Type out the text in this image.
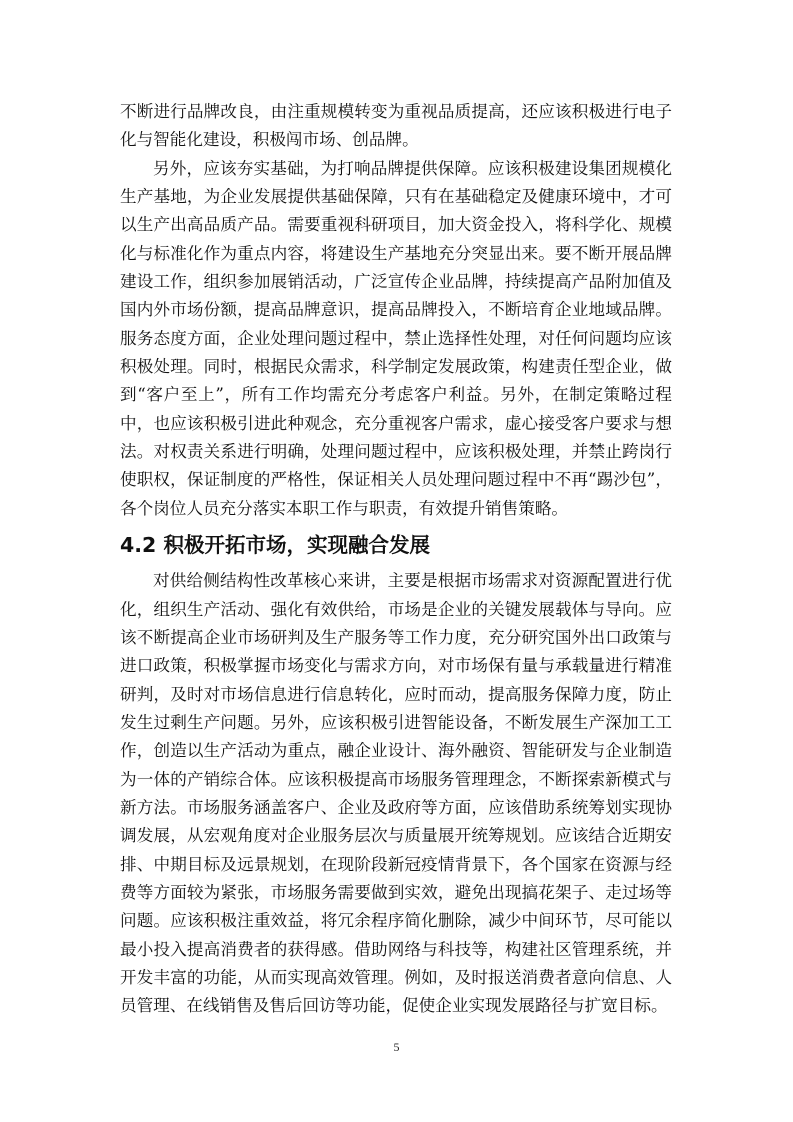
不断进行品牌改良，由注重规模转变为重视品质提高，还应该积极进行电子化与智能化建设，积极闯市场、创品牌。

另外，应该夯实基础，为打响品牌提供保障。应该积极建设集团规模化生产基地，为企业发展提供基础保障，只有在基础稳定及健康环境中，才可以生产出高品质产品。需要重视科研项目，加大资金投入，将科学化、规模化与标准化作为重点内容，将建设生产基地充分突显出来。要不断开展品牌建设工作，组织参加展销活动，广泛宣传企业品牌，持续提高产品附加值及国内外市场份额，提高品牌意识，提高品牌投入，不断培育企业地域品牌。服务态度方面，企业处理问题过程中，禁止选择性处理，对任何问题均应该积极处理。同时，根据民众需求，科学制定发展政策，构建责任型企业，做到“客户至上”，所有工作均需充分考虑客户利益。另外，在制定策略过程中，也应该积极引进此种观念，充分重视客户需求，虚心接受客户要求与想法。对权责关系进行明确，处理问题过程中，应该积极处理，并禁止跨岗行使职权，保证制度的严格性，保证相关人员处理问题过程中不再“踢沙包”，各个岗位人员充分落实本职工作与职责，有效提升销售策略。

4.2 积极开拓市场，实现融合发展

对供给侧结构性改革核心来讲，主要是根据市场需求对资源配置进行优化，组织生产活动、强化有效供给，市场是企业的关键发展载体与导向。应该不断提高企业市场研判及生产服务等工作力度，充分研究国外出口政策与进口政策，积极掌握市场变化与需求方向，对市场保有量与承载量进行精准研判，及时对市场信息进行信息转化，应时而动，提高服务保障力度，防止发生过剩生产问题。另外，应该积极引进智能设备，不断发展生产深加工工作，创造以生产活动为重点，融企业设计、海外融资、智能研发与企业制造为一体的产销综合体。应该积极提高市场服务管理理念，不断探索新模式与新方法。市场服务涵盖客户、企业及政府等方面，应该借助系统筹划实现协调发展，从宏观角度对企业服务层次与质量展开统筹规划。应该结合近期安排、中期目标及远景规划，在现阶段新冠疫情背景下，各个国家在资源与经费等方面较为紧张，市场服务需要做到实效，避免出现搞花架子、走过场等问题。应该积极注重效益，将冗余程序简化删除，减少中间环节，尽可能以最小投入提高消费者的获得感。借助网络与科技等，构建社区管理系统，并开发丰富的功能，从而实现高效管理。例如，及时报送消费者意向信息、人员管理、在线销售及售后回访等功能，促使企业实现发展路径与扩宽目标。

5
